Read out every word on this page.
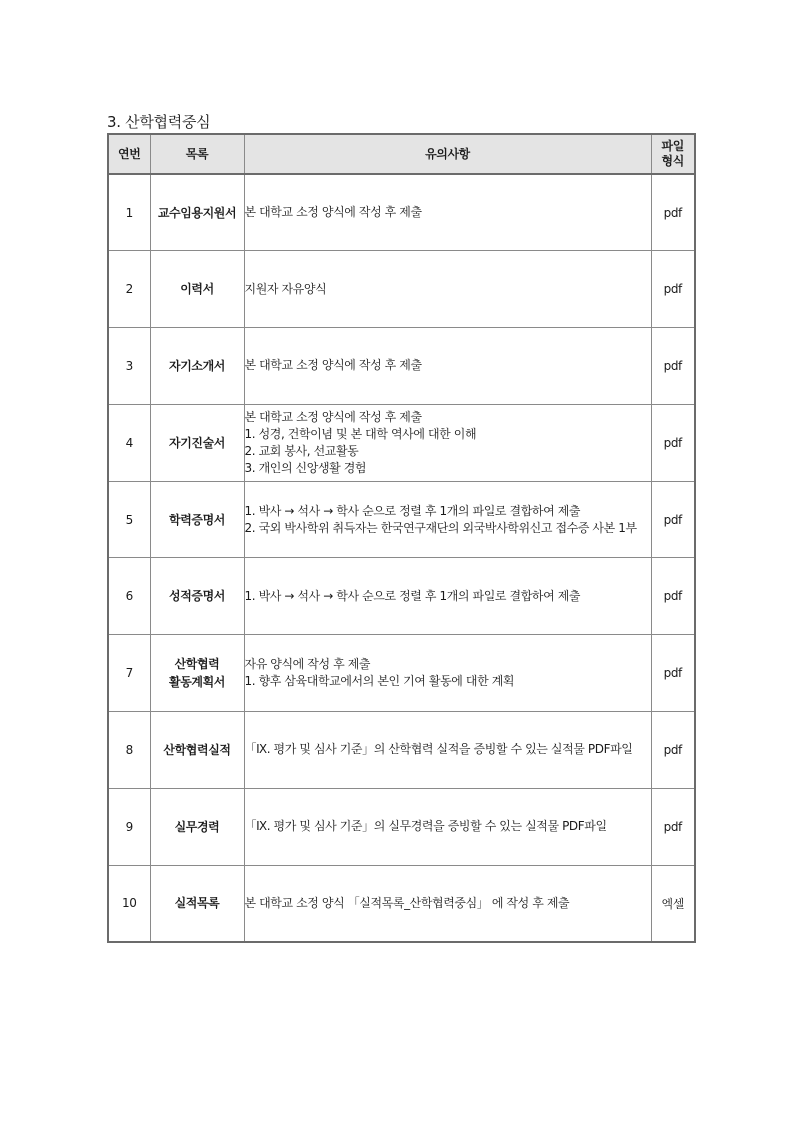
3. 산학협력중심
연번	목록	유의사항	파일
형식

1	교수임용지원서	본 대학교 소정 양식에 작성 후 제출	pdf
2	이력서	지원자 자유양식	pdf
3	자기소개서	본 대학교 소정 양식에 작성 후 제출	pdf
4	자기진술서	본 대학교 소정 양식에 작성 후 제출
1. 성경, 건학이념 및 본 대학 역사에 대한 이해
2. 교회 봉사, 선교활동
3. 개인의 신앙생활 경험	pdf
5	학력증명서	1. 박사 → 석사 → 학사 순으로 정렬 후 1개의 파일로 결합하여 제출
2. 국외 박사학위 취득자는 한국연구재단의 외국박사학위신고 접수증 사본 1부	pdf
6	성적증명서	1. 박사 → 석사 → 학사 순으로 정렬 후 1개의 파일로 결합하여 제출	pdf
7	산학협력
활동계획서	자유 양식에 작성 후 제출
1. 향후 삼육대학교에서의 본인 기여 활동에 대한 계획	pdf
8	산학협력실적	「Ⅸ. 평가 및 심사 기준」의 산학협력 실적을 증빙할 수 있는 실적물 PDF파일	pdf
9	실무경력	「Ⅸ. 평가 및 심사 기준」의 실무경력을 증빙할 수 있는 실적물 PDF파일	pdf
10	실적목록	본 대학교 소정 양식 「실적목록_산학협력중심」 에 작성 후 제출	엑셀
